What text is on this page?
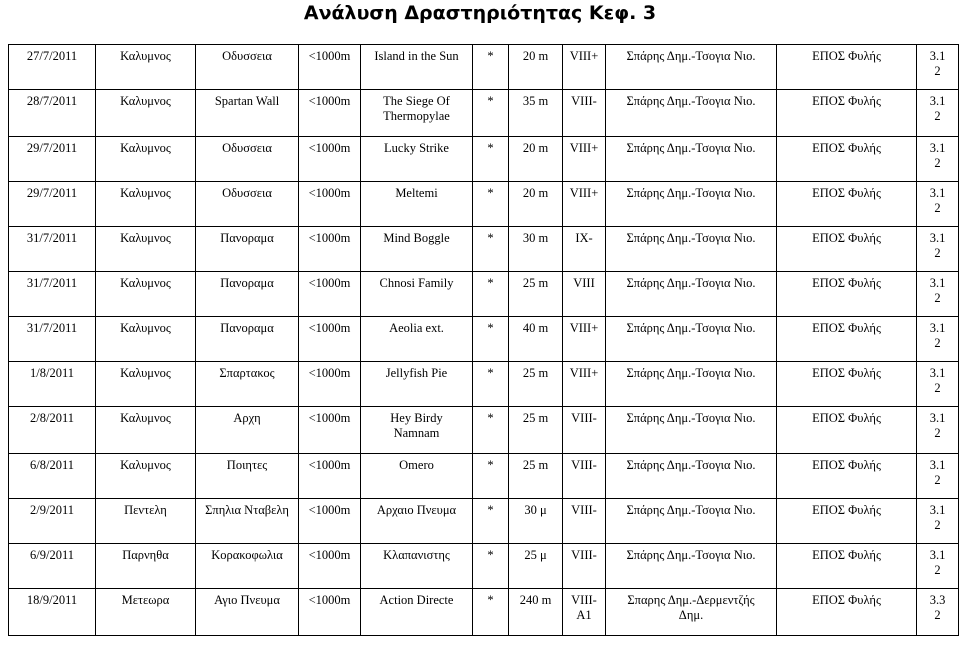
Ανάλυση Δραστηριότητας Κεφ. 3
27/7/2011	Καλυμνος	Οδυσσεια	<1000m	Island in the Sun	*	20 m	VIII+	Σπάρης Δημ.-Τσογια Νιο.	ΕΠΟΣ Φυλής	3.1
2
28/7/2011	Καλυμνος	Spartan Wall	<1000m	The Siege Of
Thermopylae	*	35 m	VIII-	Σπάρης Δημ.-Τσογια Νιο.	ΕΠΟΣ Φυλής	3.1
2
29/7/2011	Καλυμνος	Οδυσσεια	<1000m	Lucky Strike	*	20 m	VIII+	Σπάρης Δημ.-Τσογια Νιο.	ΕΠΟΣ Φυλής	3.1
2
29/7/2011	Καλυμνος	Οδυσσεια	<1000m	Meltemi	*	20 m	VIII+	Σπάρης Δημ.-Τσογια Νιο.	ΕΠΟΣ Φυλής	3.1
2
31/7/2011	Καλυμνος	Πανοραμα	<1000m	Mind Boggle	*	30 m	IX-	Σπάρης Δημ.-Τσογια Νιο.	ΕΠΟΣ Φυλής	3.1
2
31/7/2011	Καλυμνος	Πανοραμα	<1000m	Chnosi Family	*	25 m	VIII	Σπάρης Δημ.-Τσογια Νιο.	ΕΠΟΣ Φυλής	3.1
2
31/7/2011	Καλυμνος	Πανοραμα	<1000m	Aeolia ext.	*	40 m	VIII+	Σπάρης Δημ.-Τσογια Νιο.	ΕΠΟΣ Φυλής	3.1
2
1/8/2011	Καλυμνος	Σπαρτακος	<1000m	Jellyfish Pie	*	25 m	VIII+	Σπάρης Δημ.-Τσογια Νιο.	ΕΠΟΣ Φυλής	3.1
2
2/8/2011	Καλυμνος	Αρχη	<1000m	Hey Birdy
Namnam	*	25 m	VIII-	Σπάρης Δημ.-Τσογια Νιο.	ΕΠΟΣ Φυλής	3.1
2
6/8/2011	Καλυμνος	Ποιητες	<1000m	Omero	*	25 m	VIII-	Σπάρης Δημ.-Τσογια Νιο.	ΕΠΟΣ Φυλής	3.1
2
2/9/2011	Πεντελη	Σπηλια Νταβελη	<1000m	Αρχαιο Πνευμα	*	30 μ	VIII-	Σπάρης Δημ.-Τσογια Νιο.	ΕΠΟΣ Φυλής	3.1
2
6/9/2011	Παρνηθα	Κορακοφωλια	<1000m	Κλαπανιστης	*	25 μ	VIII-	Σπάρης Δημ.-Τσογια Νιο.	ΕΠΟΣ Φυλής	3.1
2
18/9/2011	Μετεωρα	Αγιο Πνευμα	<1000m	Action Directe	*	240 m	VIII-
A1	Σπαρης Δημ.-Δερμεντζής
Δημ.	ΕΠΟΣ Φυλής	3.3
2
